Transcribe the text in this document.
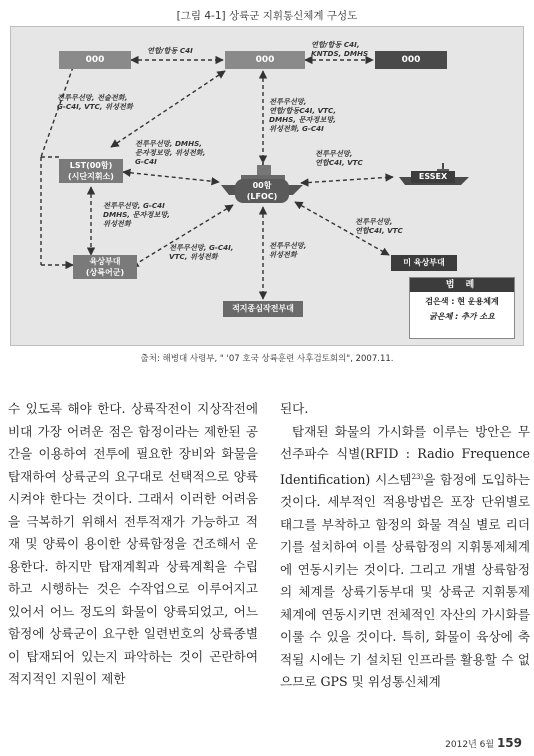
[그림 4-1] 상륙군 지휘통신체계 구성도
000	000	000
LST(00함)
(시단지휘소)
00함
(LFOC)
ESSEX
육상부대
(상륙어군)
적지종심작전부대
미 육상부대
연합/합동 C4I
연합/합동 C4I,
KNTDS, DMHS
전투무선망, 전술전화,
G-C4I, VTC, 위성전화
전투무선망,
연합/합동C4I, VTC,
DMHS, 문자정보망,
위성전화, G-C4I
전투무선망, DMHS,
문자정보망, 위성전화,
G-C4I
전투무선망,
연합C4I, VTC
전투무선망, G-C4I
DMHS, 문자정보망,
위성전화
전투무선망, G-C4I,
VTC, 위성전화
전투무선망,
위성전화
전투무선망,
연합C4I, VTC
범 례
검은색 : 현 운용체계
굵은체 : 추가 소요
출처: 해병대 사령부, " '07 호국 상륙훈련 사후검토회의", 2007.11.

수 있도록 해야 한다. 상륙작전이 지상작전에 비대 가장 어려운 점은 함정이라는 제한된 공간을 이용하여 전투에 필요한 장비와 화물을 탑재하여 상륙군의 요구대로 선택적으로 양륙시켜야 한다는 것이다. 그래서 이러한 어려움을 극복하기 위해서 전투적재가 가능하고 적재 및 양륙이 용이한 상륙함정을 건조해서 운용한다. 하지만 탑재계획과 상륙계획을 수립하고 시행하는 것은 수작업으로 이루어지고 있어서 어느 정도의 화물이 양륙되었고, 어느 함정에 상륙군이 요구한 일련번호의 상륙종별이 탑재되어 있는지 파악하는 것이 곤란하여 적지적인 지원이 제한

된다.

탑재된 화물의 가시화를 이루는 방안은 무선주파수 식별(RFID : Radio Frequence Identification) 시스템$^{23)}$을 함정에 도입하는 것이다. 세부적인 적용방법은 포장 단위별로 태그를 부착하고 함정의 화물 격실 별로 리더기를 설치하여 이를 상륙함정의 지휘통제체계에 연동시키는 것이다. 그리고 개별 상륙함정의 체계를 상륙기동부대 및 상륙군 지휘통제체계에 연동시키면 전체적인 자산의 가시화를 이룰 수 있을 것이다. 특히, 화물이 육상에 축적될 시에는 기 설치된 인프라를 활용할 수 없으므로 GPS 및 위성통신체계

2012년 6월 159
